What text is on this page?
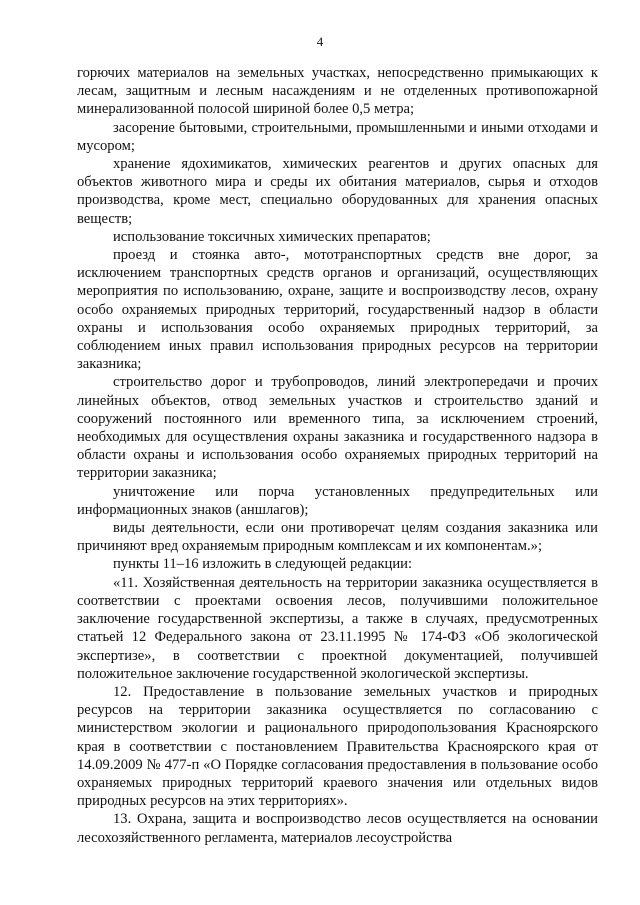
4

горючих материалов на земельных участках, непосредственно примыкающих к лесам, защитным и лесным насаждениям и не отделенных противопожарной минерализованной полосой шириной более 0,5 метра;

засорение бытовыми, строительными, промышленными и иными отходами и мусором;

хранение ядохимикатов, химических реагентов и других опасных для объектов животного мира и среды их обитания материалов, сырья и отходов производства, кроме мест, специально оборудованных для хранения опасных веществ;

использование токсичных химических препаратов;

проезд и стоянка авто-, мототранспортных средств вне дорог, за исключением транспортных средств органов и организаций, осуществляющих мероприятия по использованию, охране, защите и воспроизводству лесов, охрану особо охраняемых природных территорий, государственный надзор в области охраны и использования особо охраняемых природных территорий, за соблюдением иных правил использования природных ресурсов на территории заказника;

строительство дорог и трубопроводов, линий электропередачи и прочих линейных объектов, отвод земельных участков и строительство зданий и сооружений постоянного или временного типа, за исключением строений, необходимых для осуществления охраны заказника и государственного надзора в области охраны и использования особо охраняемых природных территорий на территории заказника;

уничтожение или порча установленных предупредительных или информационных знаков (аншлагов);

виды деятельности, если они противоречат целям создания заказника или причиняют вред охраняемым природным комплексам и их компонентам.»;

пункты 11–16 изложить в следующей редакции:

«11. Хозяйственная деятельность на территории заказника осуществляется в соответствии с проектами освоения лесов, получившими положительное заключение государственной экспертизы, а также в случаях, предусмотренных статьей 12 Федерального закона от 23.11.1995 № 174-ФЗ «Об экологической экспертизе», в соответствии с проектной документацией, получившей положительное заключение государственной экологической экспертизы.

12. Предоставление в пользование земельных участков и природных ресурсов на территории заказника осуществляется по согласованию с министерством экологии и рационального природопользования Красноярского края в соответствии с постановлением Правительства Красноярского края от 14.09.2009 № 477-п «О Порядке согласования предоставления в пользование особо охраняемых природных территорий краевого значения или отдельных видов природных ресурсов на этих территориях».

13. Охрана, защита и воспроизводство лесов осуществляется на основании лесохозяйственного регламента, материалов лесоустройства
